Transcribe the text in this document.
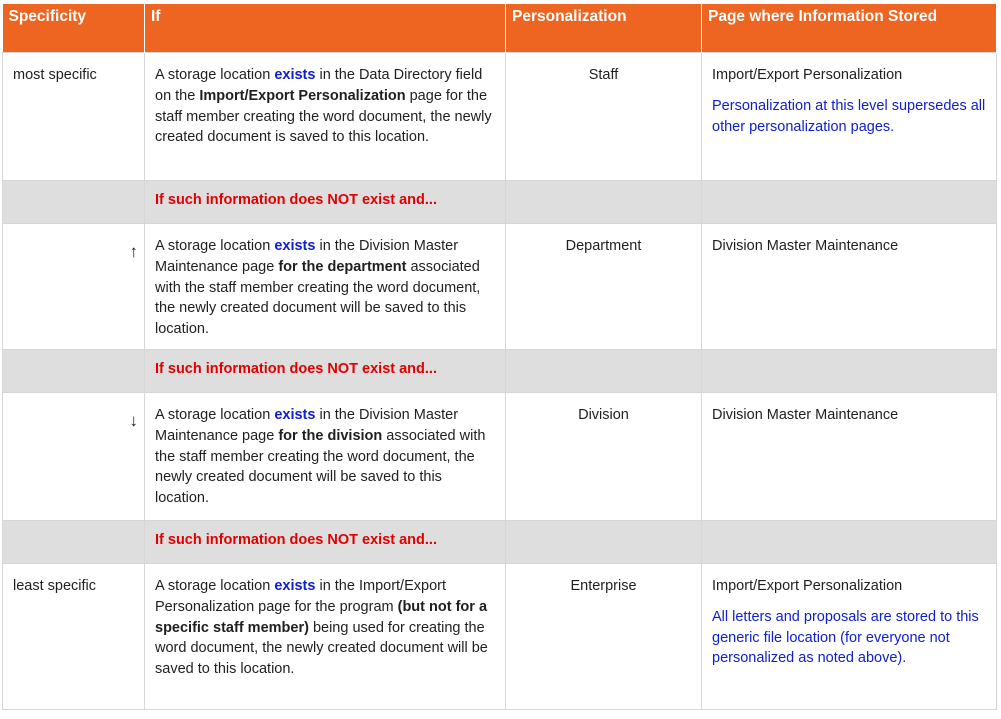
Specificity	If	Personalization	Page where Information Stored
most specific	A storage location exists in the Data Directory field on the Import/Export Personalization page for the staff member creating the word document, the newly created document is saved to this location.	Staff	Import/Export Personalization
Personalization at this level supersedes all other personalization pages.

	If such information does NOT exist and...		
↑	A storage location exists in the Division Master Maintenance page for the department associated with the staff member creating the word document, the newly created document will be saved to this location.	Department	Division Master Maintenance
	If such information does NOT exist and...		
↓	A storage location exists in the Division Master Maintenance page for the division associated with the staff member creating the word document, the newly created document will be saved to this location.	Division	Division Master Maintenance
	If such information does NOT exist and...		
least specific	A storage location exists in the Import/Export Personalization page for the program (but not for a specific staff member) being used for creating the word document, the newly created document will be saved to this location.	Enterprise	Import/Export Personalization
All letters and proposals are stored to this generic file location (for everyone not personalized as noted above).
